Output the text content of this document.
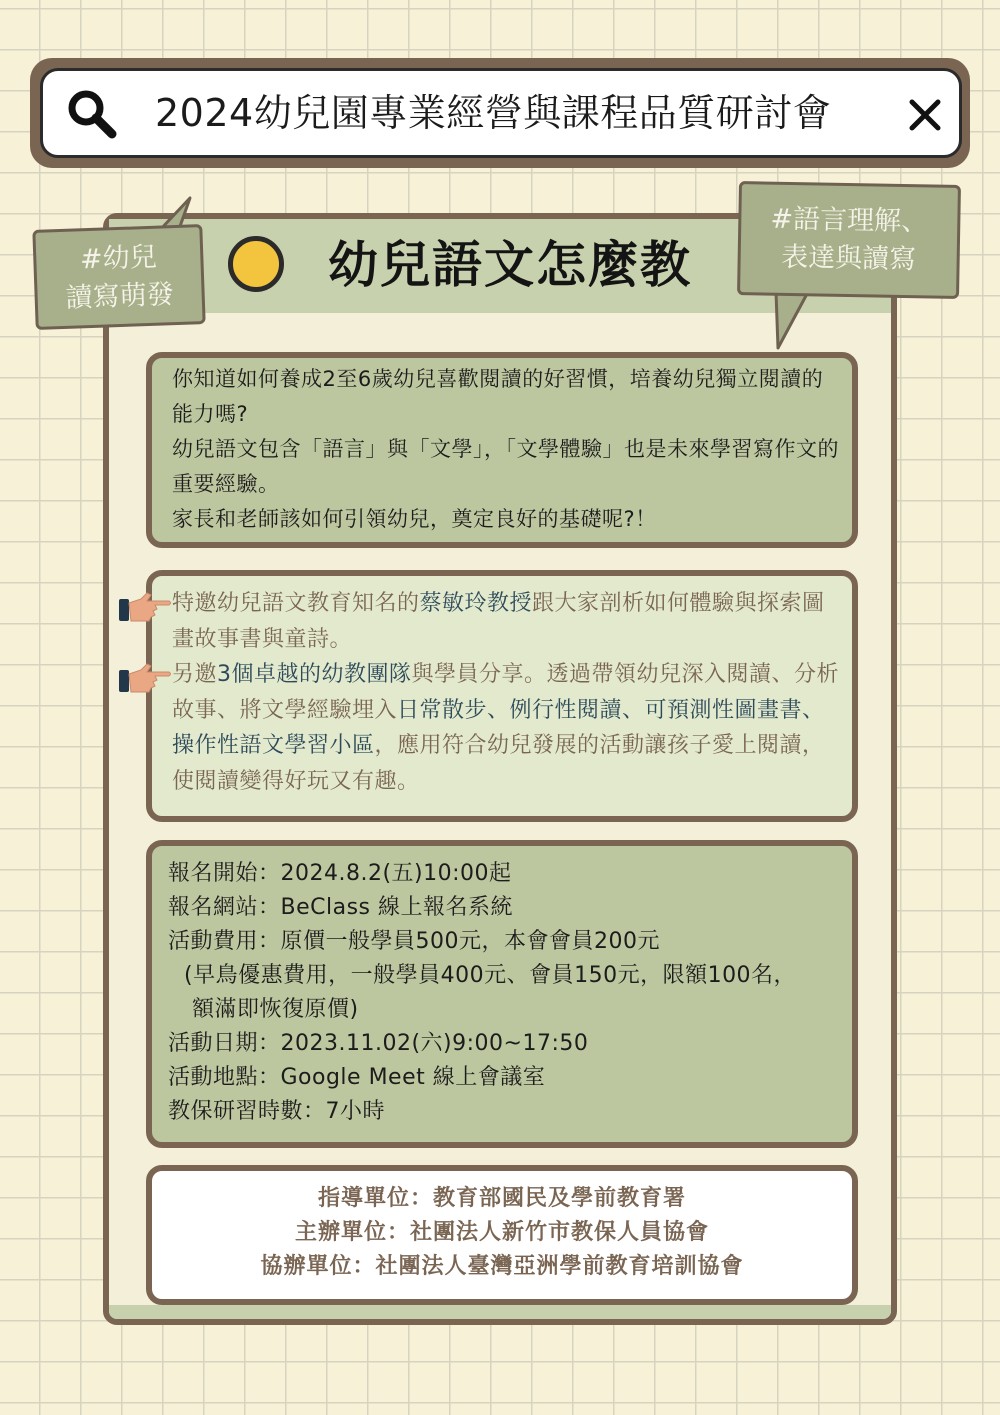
2024幼兒園專業經營與課程品質研討會
幼兒語文怎麼教
#幼兒
讀寫萌發
#語言理解、
表達與讀寫
你知道如何養成2至6歲幼兒喜歡閱讀的好習慣，培養幼兒獨立閱讀的能力嗎?
幼兒語文包含「語言」與「文學」，「文學體驗」也是未來學習寫作文的重要經驗。
家長和老師該如何引領幼兒，奠定良好的基礎呢?！
特邀幼兒語文教育知名的蔡敏玲教授跟大家剖析如何體驗與探索圖畫故事書與童詩。
另邀3個卓越的幼教團隊與學員分享。透過帶領幼兒深入閱讀、分析故事、將文學經驗埋入日常散步、例行性閱讀、可預測性圖畫書、操作性語文學習小區，應用符合幼兒發展的活動讓孩子愛上閱讀，使閱讀變得好玩又有趣。
報名開始：2024.8.2(五)10:00起
報名網站：BeClass 線上報名系統
活動費用：原價一般學員500元，本會會員200元
(早鳥優惠費用，一般學員400元、會員150元，限額100名，
額滿即恢復原價)
活動日期：2023.11.02(六)9:00~17:50
活動地點：Google Meet 線上會議室
教保研習時數：7小時
指導單位：教育部國民及學前教育署
主辦單位：社團法人新竹市教保人員協會
協辦單位：社團法人臺灣亞洲學前教育培訓協會
